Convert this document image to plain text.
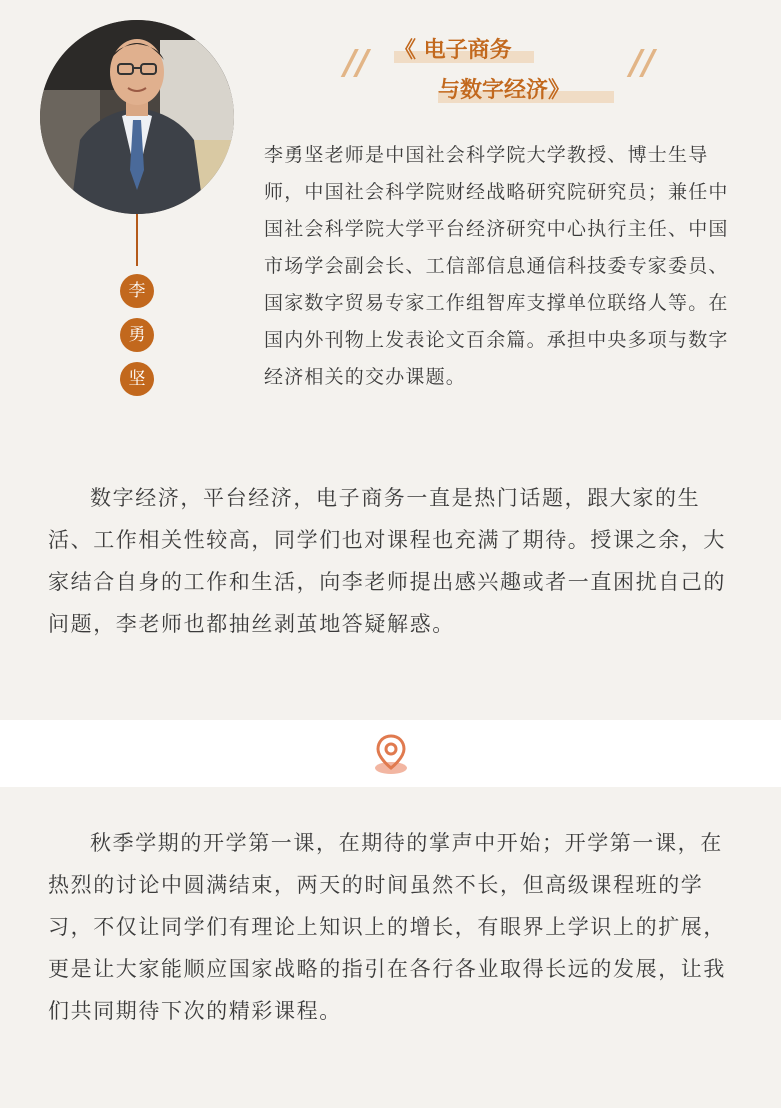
李
勇
坚
//	//
《 电子商务
与数字经济》
李勇坚老师是中国社会科学院大学教授、博士生导师，中国社会科学院财经战略研究院研究员；兼任中国社会科学院大学平台经济研究中心执行主任、中国市场学会副会长、工信部信息通信科技委专家委员、国家数字贸易专家工作组智库支撑单位联络人等。在国内外刊物上发表论文百余篇。承担中央多项与数字经济相关的交办课题。
数字经济，平台经济，电子商务一直是热门话题，跟大家的生活、工作相关性较高，同学们也对课程也充满了期待。授课之余，大家结合自身的工作和生活，向李老师提出感兴趣或者一直困扰自己的问题，李老师也都抽丝剥茧地答疑解惑。
秋季学期的开学第一课，在期待的掌声中开始；开学第一课，在热烈的讨论中圆满结束，两天的时间虽然不长，但高级课程班的学习，不仅让同学们有理论上知识上的增长，有眼界上学识上的扩展，更是让大家能顺应国家战略的指引在各行各业取得长远的发展，让我们共同期待下次的精彩课程。
